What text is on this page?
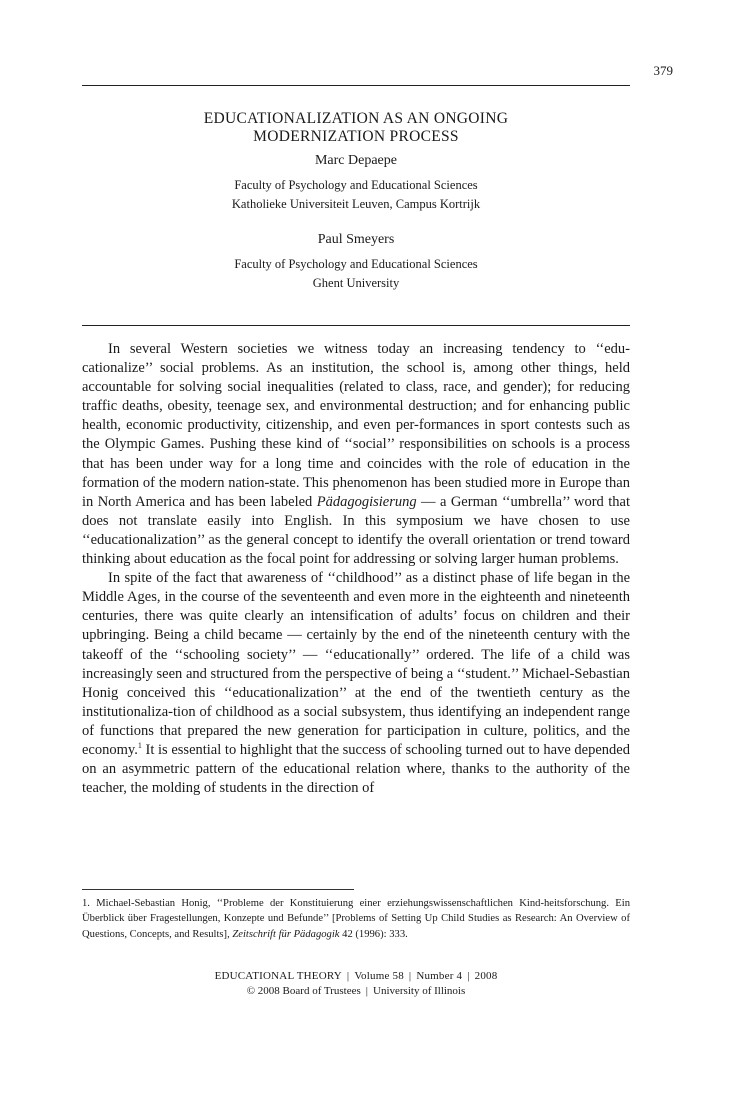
379
EDUCATIONALIZATION AS AN ONGOING
MODERNIZATION PROCESS
Marc Depaepe
Faculty of Psychology and Educational Sciences
Katholieke Universiteit Leuven, Campus Kortrijk
Paul Smeyers
Faculty of Psychology and Educational Sciences
Ghent University

In several Western societies we witness today an increasing tendency to ‘‘edu-cationalize’’ social problems. As an institution, the school is, among other things, held accountable for solving social inequalities (related to class, race, and gender); for reducing traffic deaths, obesity, teenage sex, and environmental destruction; and for enhancing public health, economic productivity, citizenship, and even per-formances in sport contests such as the Olympic Games. Pushing these kind of ‘‘social’’ responsibilities on schools is a process that has been under way for a long time and coincides with the role of education in the formation of the modern nation-state. This phenomenon has been studied more in Europe than in North America and has been labeled Pädagogisierung — a German ‘‘umbrella’’ word that does not translate easily into English. In this symposium we have chosen to use ‘‘educationalization’’ as the general concept to identify the overall orientation or trend toward thinking about education as the focal point for addressing or solving larger human problems.

In spite of the fact that awareness of ‘‘childhood’’ as a distinct phase of life began in the Middle Ages, in the course of the seventeenth and even more in the eighteenth and nineteenth centuries, there was quite clearly an intensification of adults’ focus on children and their upbringing. Being a child became — certainly by the end of the nineteenth century with the takeoff of the ‘‘schooling society’’ — ‘‘educationally’’ ordered. The life of a child was increasingly seen and structured from the perspective of being a ‘‘student.’’ Michael-Sebastian Honig conceived this ‘‘educationalization’’ at the end of the twentieth century as the institutionaliza-tion of childhood as a social subsystem, thus identifying an independent range of functions that prepared the new generation for participation in culture, politics, and the economy.$^1$ It is essential to highlight that the success of schooling turned out to have depended on an asymmetric pattern of the educational relation where, thanks to the authority of the teacher, the molding of students in the direction of

1. Michael-Sebastian Honig, ‘‘Probleme der Konstituierung einer erziehungswissenschaftlichen Kind-heitsforschung. Ein Überblick über Fragestellungen, Konzepte und Befunde’’ [Problems of Setting Up Child Studies as Research: An Overview of Questions, Concepts, and Results], Zeitschrift für Pädagogik 42 (1996): 333.
EDUCATIONAL THEORY | Volume 58 | Number 4 | 2008
© 2008 Board of Trustees | University of Illinois
